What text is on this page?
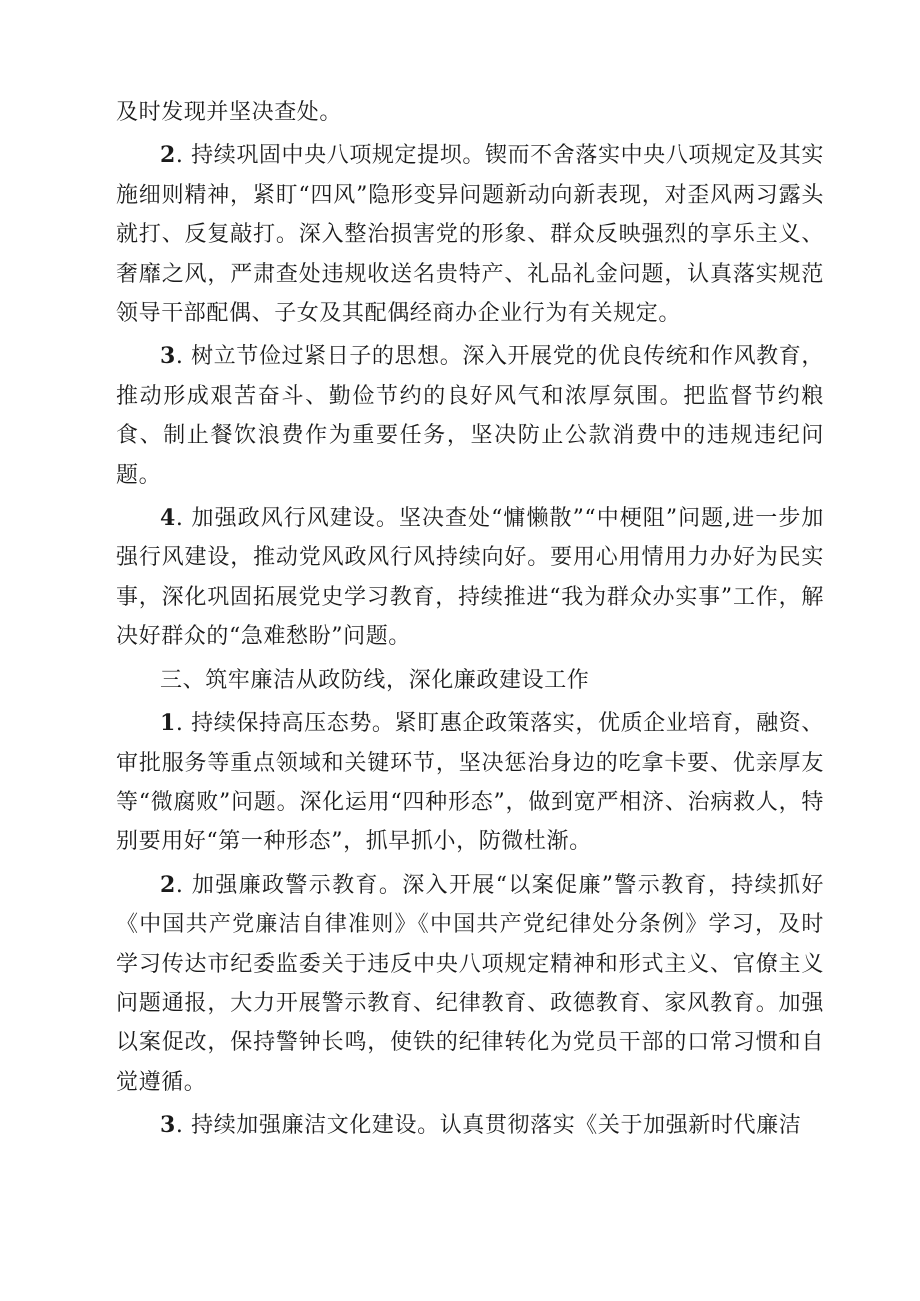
及时发现并坚决查处。

2. 持续巩固中央八项规定提坝。锲而不舍落实中央八项规定及其实施细则精神，紧盯“四风”隐形变异问题新动向新表现，对歪风两习露头就打、反复敲打。深入整治损害党的形象、群众反映强烈的享乐主义、奢靡之风，严肃查处违规收送名贵特产、礼品礼金问题，认真落实规范领导干部配偶、子女及其配偶经商办企业行为有关规定。

3. 树立节俭过紧日子的思想。深入开展党的优良传统和作风教育，推动形成艰苦奋斗、勤俭节约的良好风气和浓厚氛围。把监督节约粮食、制止餐饮浪费作为重要任务，坚决防止公款消费中的违规违纪问题。

4. 加强政风行风建设。坚决查处“慵懒散”“中梗阻”问题,进一步加强行风建设，推动党风政风行风持续向好。要用心用情用力办好为民实事，深化巩固拓展党史学习教育，持续推进“我为群众办实事”工作，解决好群众的“急难愁盼”问题。

三、筑牢廉洁从政防线，深化廉政建设工作

1. 持续保持高压态势。紧盯惠企政策落实，优质企业培育，融资、审批服务等重点领域和关键环节，坚决惩治身边的吃拿卡要、优亲厚友等“微腐败”问题。深化运用“四种形态”，做到宽严相济、治病救人，特别要用好“第一种形态”，抓早抓小，防微杜渐。

2. 加强廉政警示教育。深入开展“以案促廉”警示教育，持续抓好《中国共产党廉洁自律准则》《中国共产党纪律处分条例》学习，及时学习传达市纪委监委关于违反中央八项规定精神和形式主义、官僚主义问题通报，大力开展警示教育、纪律教育、政德教育、家风教育。加强以案促改，保持警钟长鸣，使铁的纪律转化为党员干部的口常习惯和自觉遵循。

3. 持续加强廉洁文化建设。认真贯彻落实《关于加强新时代廉洁
